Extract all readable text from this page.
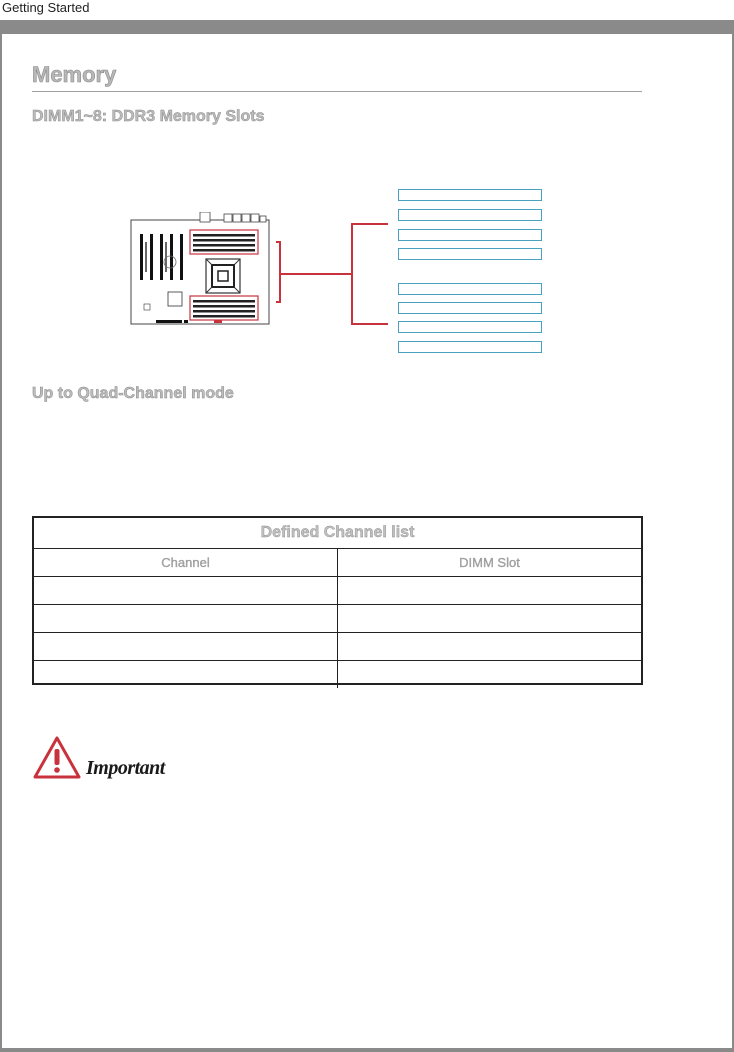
Getting Started
Memory
DIMM1~8: DDR3 Memory Slots
Up to Quad-Channel mode
Defined Channel list
Channel	DIMM Slot
Important
